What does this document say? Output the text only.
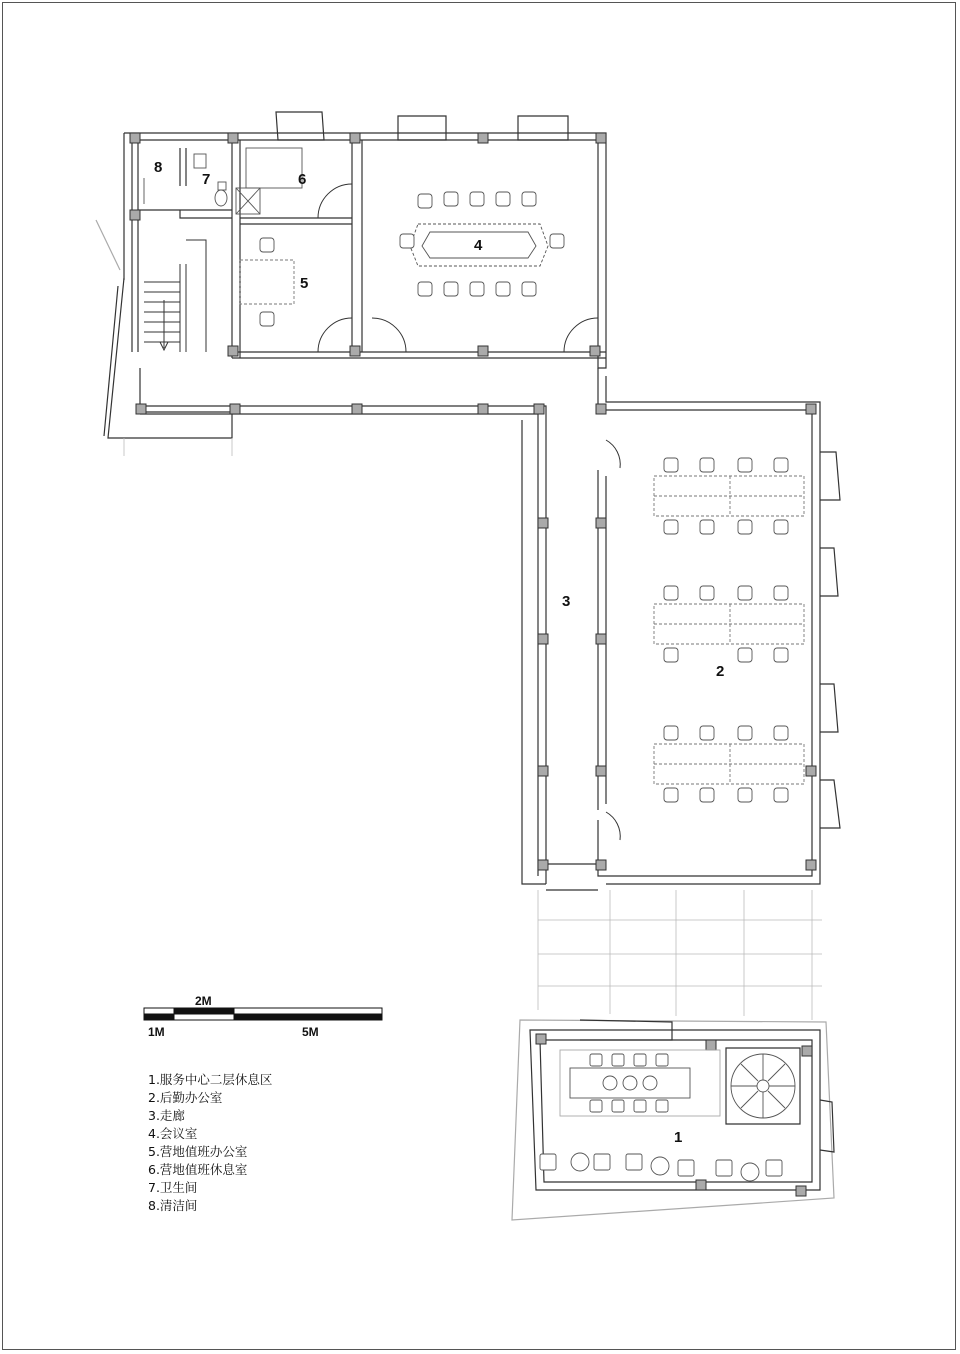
1
2
3
4
5
6
7
8
1M
2M
5M
1.服务中心二层休息区
2.后勤办公室
3.走廊
4.会议室
5.营地值班办公室
6.营地值班休息室
7.卫生间
8.清洁间
